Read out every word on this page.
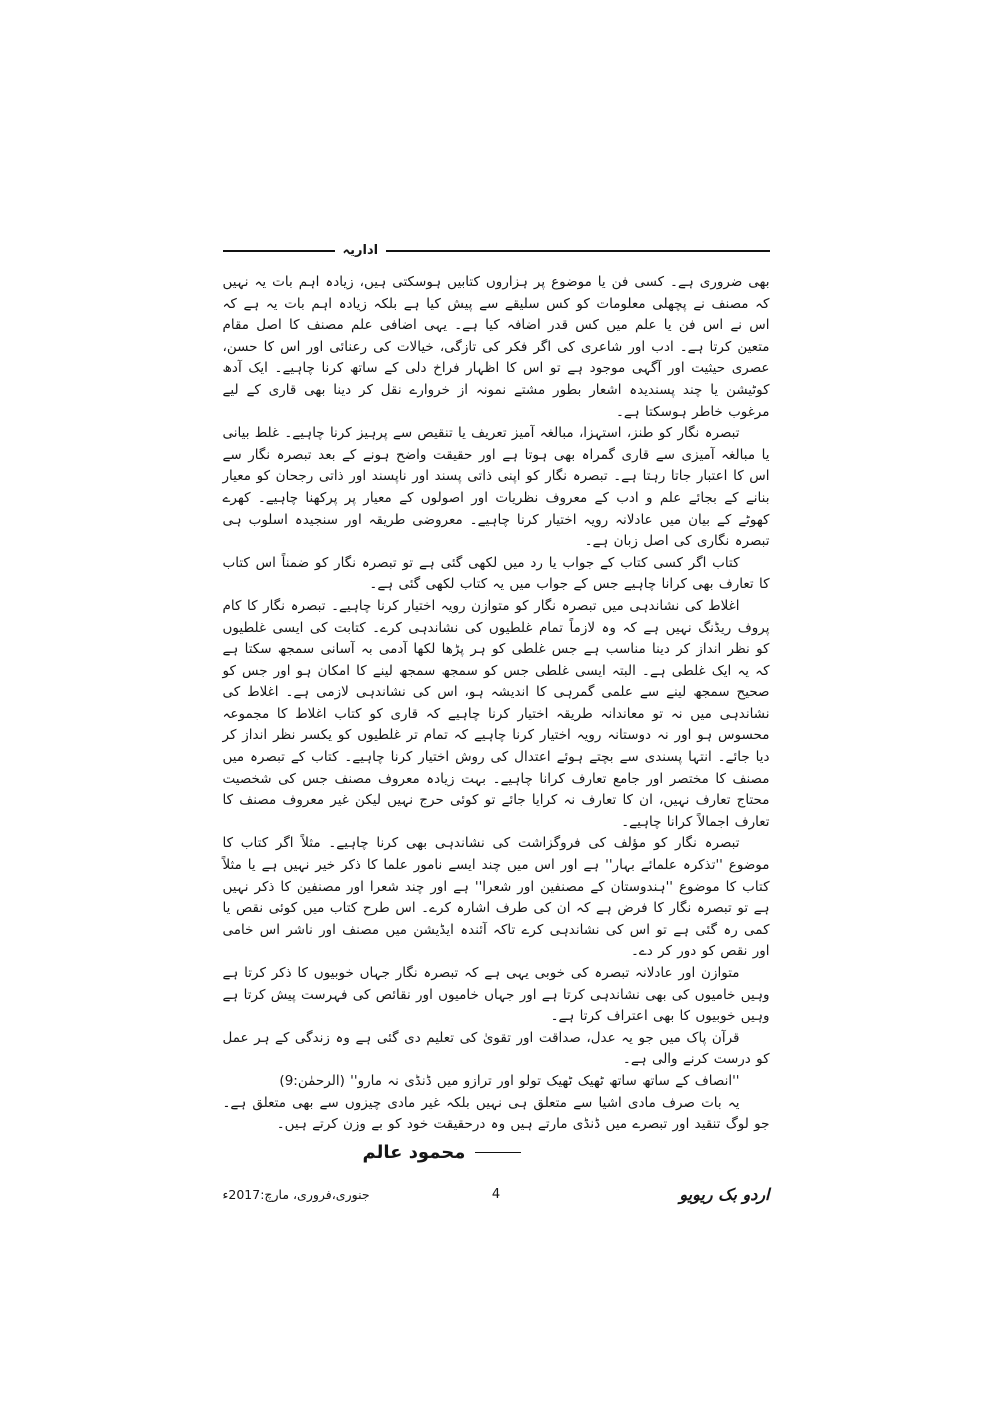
اداریہ

بھی ضروری ہے۔ کسی فن یا موضوع پر ہزاروں کتابیں ہوسکتی ہیں، زیادہ اہم بات یہ نہیں کہ مصنف نے پچھلی معلومات کو کس سلیقے سے پیش کیا ہے بلکہ زیادہ اہم بات یہ ہے کہ اس نے اس فن یا علم میں کس قدر اضافہ کیا ہے۔ یہی اضافی علم مصنف کا اصل مقام متعین کرتا ہے۔ ادب اور شاعری کی اگر فکر کی تازگی، خیالات کی رعنائی اور اس کا حسن، عصری حیثیت اور آگہی موجود ہے تو اس کا اظہار فراخ دلی کے ساتھ کرنا چاہیے۔ ایک آدھ کوٹیشن یا چند پسندیدہ اشعار بطور مشتے نمونہ از خروارے نقل کر دینا بھی قاری کے لیے مرغوب خاطر ہوسکتا ہے۔

تبصرہ نگار کو طنز، استہزا، مبالغہ آمیز تعریف یا تنقیص سے پرہیز کرنا چاہیے۔ غلط بیانی یا مبالغہ آمیزی سے قاری گمراہ بھی ہوتا ہے اور حقیقت واضح ہونے کے بعد تبصرہ نگار سے اس کا اعتبار جاتا رہتا ہے۔ تبصرہ نگار کو اپنی ذاتی پسند اور ناپسند اور ذاتی رجحان کو معیار بنانے کے بجائے علم و ادب کے معروف نظریات اور اصولوں کے معیار پر پرکھنا چاہیے۔ کھرے کھوٹے کے بیان میں عادلانہ رویہ اختیار کرنا چاہیے۔ معروضی طریقہ اور سنجیدہ اسلوب ہی تبصرہ نگاری کی اصل زبان ہے۔

کتاب اگر کسی کتاب کے جواب یا رد میں لکھی گئی ہے تو تبصرہ نگار کو ضمناً اس کتاب کا تعارف بھی کرانا چاہیے جس کے جواب میں یہ کتاب لکھی گئی ہے۔

اغلاط کی نشاندہی میں تبصرہ نگار کو متوازن رویہ اختیار کرنا چاہیے۔ تبصرہ نگار کا کام پروف ریڈنگ نہیں ہے کہ وہ لازماً تمام غلطیوں کی نشاندہی کرے۔ کتابت کی ایسی غلطیوں کو نظر انداز کر دینا مناسب ہے جس غلطی کو ہر پڑھا لکھا آدمی بہ آسانی سمجھ سکتا ہے کہ یہ ایک غلطی ہے۔ البتہ ایسی غلطی جس کو سمجھ سمجھ لینے کا امکان ہو اور جس کو صحیح سمجھ لینے سے علمی گمرہی کا اندیشہ ہو، اس کی نشاندہی لازمی ہے۔ اغلاط کی نشاندہی میں نہ تو معاندانہ طریقہ اختیار کرنا چاہیے کہ قاری کو کتاب اغلاط کا مجموعہ محسوس ہو اور نہ دوستانہ رویہ اختیار کرنا چاہیے کہ تمام تر غلطیوں کو یکسر نظر انداز کر دیا جائے۔ انتہا پسندی سے بچتے ہوئے اعتدال کی روش اختیار کرنا چاہیے۔ کتاب کے تبصرہ میں مصنف کا مختصر اور جامع تعارف کرانا چاہیے۔ بہت زیادہ معروف مصنف جس کی شخصیت محتاج تعارف نہیں، ان کا تعارف نہ کرایا جائے تو کوئی حرج نہیں لیکن غیر معروف مصنف کا تعارف اجمالاً کرانا چاہیے۔

تبصرہ نگار کو مؤلف کی فروگزاشت کی نشاندہی بھی کرنا چاہیے۔ مثلاً اگر کتاب کا موضوع ''تذکرہ علمائے بہار'' ہے اور اس میں چند ایسے نامور علما کا ذکر خیر نہیں ہے یا مثلاً کتاب کا موضوع ''ہندوستان کے مصنفین اور شعرا'' ہے اور چند شعرا اور مصنفین کا ذکر نہیں ہے تو تبصرہ نگار کا فرض ہے کہ ان کی طرف اشارہ کرے۔ اس طرح کتاب میں کوئی نقص یا کمی رہ گئی ہے تو اس کی نشاندہی کرے تاکہ آئندہ ایڈیشن میں مصنف اور ناشر اس خامی اور نقص کو دور کر دے۔

متوازن اور عادلانہ تبصرہ کی خوبی یہی ہے کہ تبصرہ نگار جہاں خوبیوں کا ذکر کرتا ہے وہیں خامیوں کی بھی نشاندہی کرتا ہے اور جہاں خامیوں اور نقائص کی فہرست پیش کرتا ہے وہیں خوبیوں کا بھی اعتراف کرتا ہے۔

قرآن پاک میں جو یہ عدل، صداقت اور تقویٰ کی تعلیم دی گئی ہے وہ زندگی کے ہر عمل کو درست کرنے والی ہے۔

''انصاف کے ساتھ ساتھ ٹھیک ٹھیک تولو اور ترازو میں ڈنڈی نہ مارو'' (الرحمٰن:9)

یہ بات صرف مادی اشیا سے متعلق ہی نہیں بلکہ غیر مادی چیزوں سے بھی متعلق ہے۔ جو لوگ تنقید اور تبصرے میں ڈنڈی مارتے ہیں وہ درحقیقت خود کو بے وزن کرتے ہیں۔

محمود عالم
اردو بک ریویو
4
جنوری،فروری، مارچ:2017ء
